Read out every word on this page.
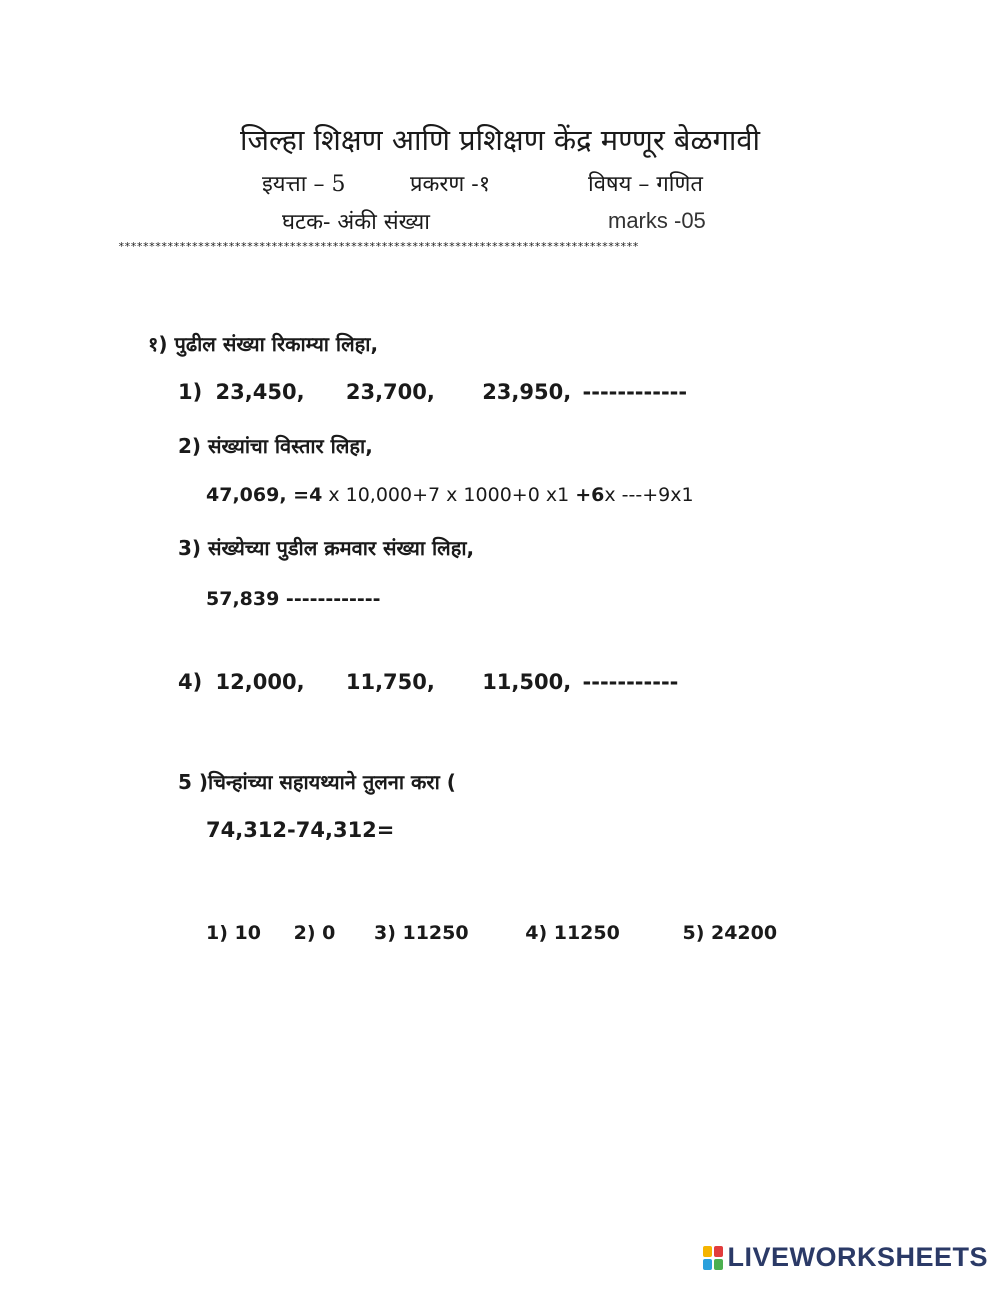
जिल्हा शिक्षण आणि प्रशिक्षण केंद्र मण्णूर बेळगावी
इयत्ता – 5	प्रकरण -१	विषय – गणित
घटक- अंकी संख्या	marks -05
*************************************************************************************
१) पुढील संख्या रिकाम्या लिहा,
1) 23,450, 23,700, 23,950, ------------
2) संख्यांचा विस्तार लिहा,
47,069, =4 x 10,000+7 x 1000+0 x1 +6x ---+9x1
3) संख्येच्या पुडील क्रमवार संख्या लिहा,
57,839 ------------
4) 12,000, 11,750, 11,500, -----------
5 )चिन्हांच्या सहायथ्याने तुलना करा (
74,312-74,312=
1) 10 2) 0 3) 11250	4) 11250	5) 24200
LIVEWORKSHEETS
